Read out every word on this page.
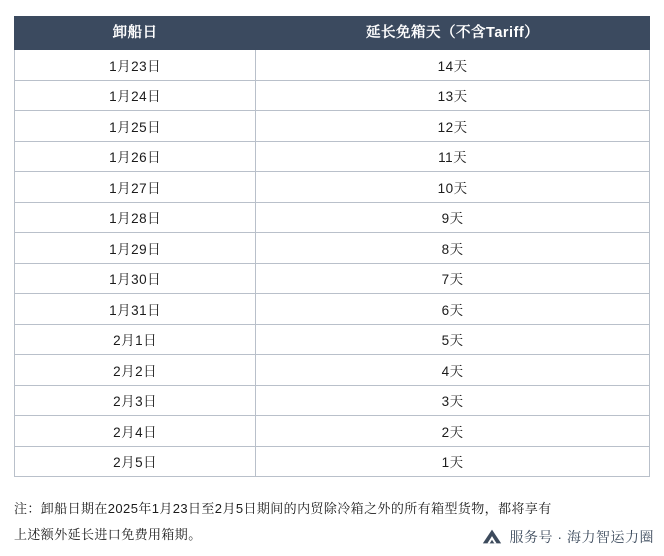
卸船日	延长免箱天（不含Tariff）
1月23日	14天
1月24日	13天
1月25日	12天
1月26日	11天
1月27日	10天
1月28日	9天
1月29日	8天
1月30日	7天
1月31日	6天
2月1日	5天
2月2日	4天
2月3日	3天
2月4日	2天
2月5日	1天
注：卸船日期在2025年1月23日至2月5日期间的内贸除冷箱之外的所有箱型货物，都将享有
上述额外延长进口免费用箱期。	服务号 · 海力智运力圈
